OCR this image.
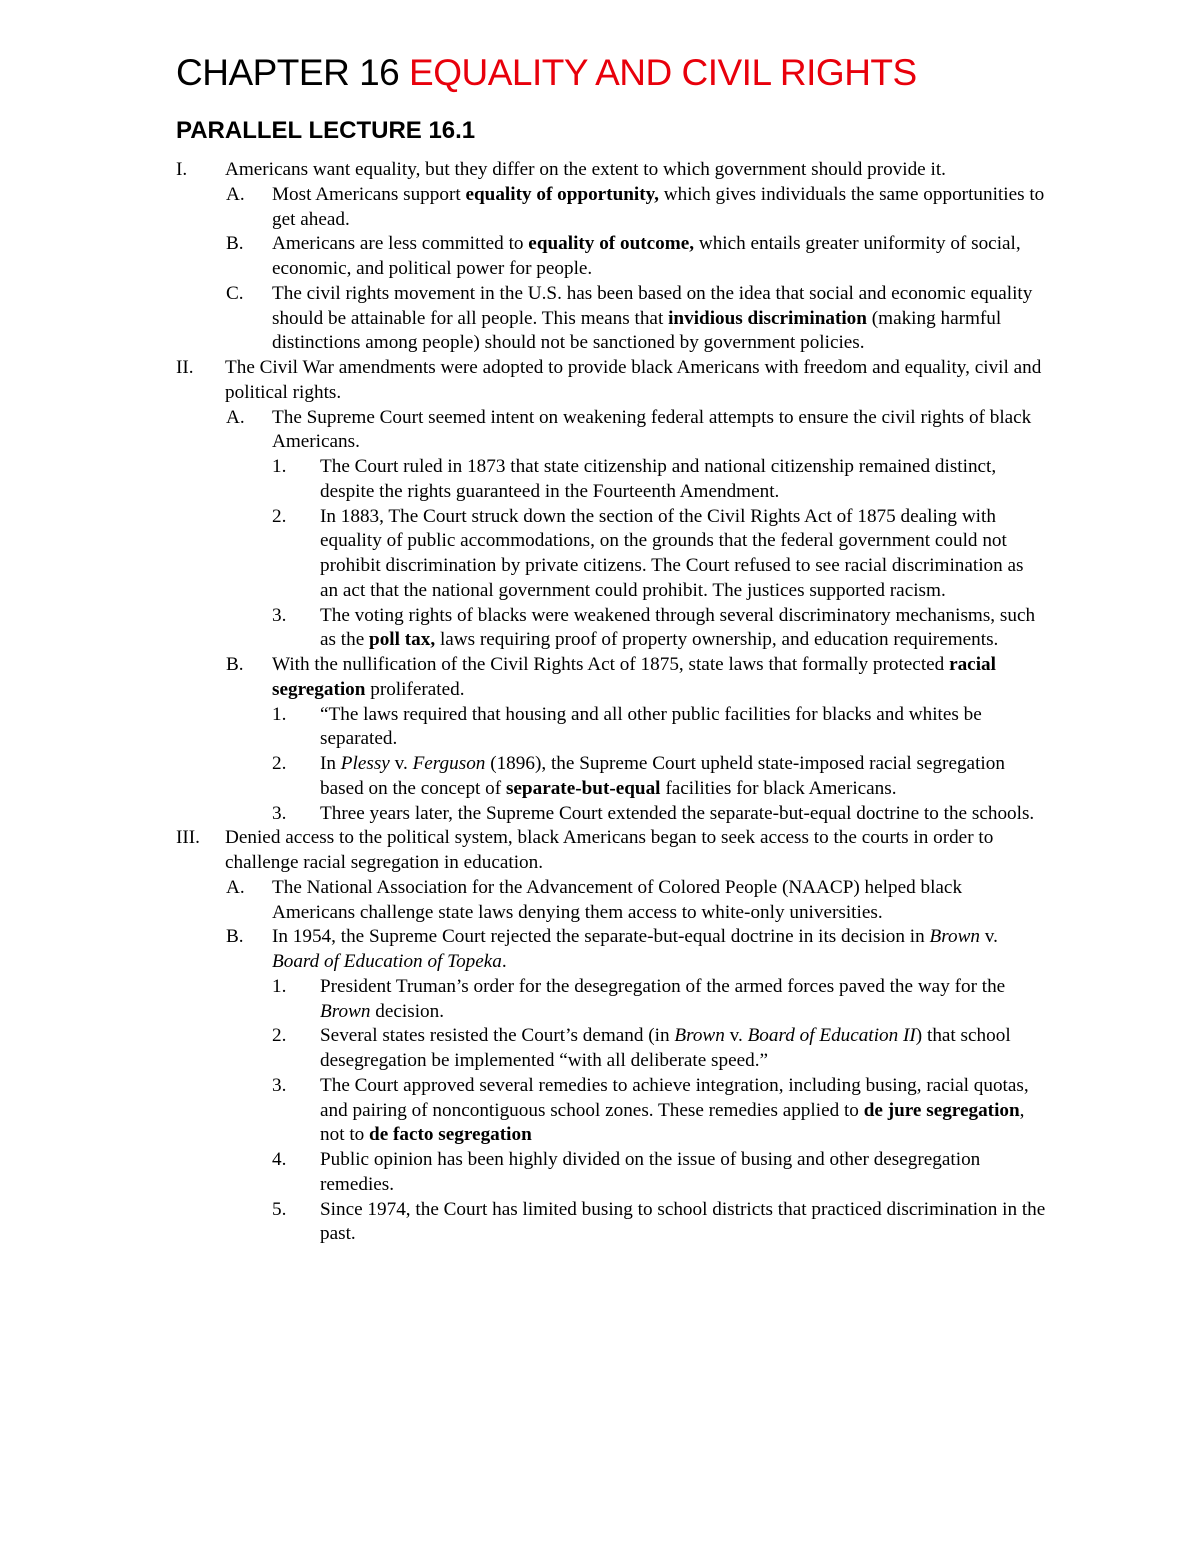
CHAPTER 16 EQUALITY AND CIVIL RIGHTS
PARALLEL LECTURE 16.1
I. Americans want equality, but they differ on the extent to which government should provide it.
A. Most Americans support equality of opportunity, which gives individuals the same opportunities to get ahead.
B. Americans are less committed to equality of outcome, which entails greater uniformity of social, economic, and political power for people.
C. The civil rights movement in the U.S. has been based on the idea that social and economic equality should be attainable for all people. This means that invidious discrimination (making harmful distinctions among people) should not be sanctioned by government policies.
II. The Civil War amendments were adopted to provide black Americans with freedom and equality, civil and political rights.
A. The Supreme Court seemed intent on weakening federal attempts to ensure the civil rights of black Americans.
1. The Court ruled in 1873 that state citizenship and national citizenship remained distinct, despite the rights guaranteed in the Fourteenth Amendment.
2. In 1883, The Court struck down the section of the Civil Rights Act of 1875 dealing with equality of public accommodations, on the grounds that the federal government could not prohibit discrimination by private citizens. The Court refused to see racial discrimination as an act that the national government could prohibit. The justices supported racism.
3. The voting rights of blacks were weakened through several discriminatory mechanisms, such as the poll tax, laws requiring proof of property ownership, and education requirements.
B. With the nullification of the Civil Rights Act of 1875, state laws that formally protected racial segregation proliferated.
1. “The laws required that housing and all other public facilities for blacks and whites be separated.
2. In Plessy v. Ferguson (1896), the Supreme Court upheld state-imposed racial segregation based on the concept of separate-but-equal facilities for black Americans.
3. Three years later, the Supreme Court extended the separate-but-equal doctrine to the schools.
III. Denied access to the political system, black Americans began to seek access to the courts in order to challenge racial segregation in education.
A. The National Association for the Advancement of Colored People (NAACP) helped black Americans challenge state laws denying them access to white-only universities.
B. In 1954, the Supreme Court rejected the separate-but-equal doctrine in its decision in Brown v. Board of Education of Topeka.
1. President Truman’s order for the desegregation of the armed forces paved the way for the Brown decision.
2. Several states resisted the Court’s demand (in Brown v. Board of Education II) that school desegregation be implemented “with all deliberate speed.”
3. The Court approved several remedies to achieve integration, including busing, racial quotas, and pairing of noncontiguous school zones. These remedies applied to de jure segregation, not to de facto segregation
4. Public opinion has been highly divided on the issue of busing and other desegregation remedies.
5. Since 1974, the Court has limited busing to school districts that practiced discrimination in the past.
